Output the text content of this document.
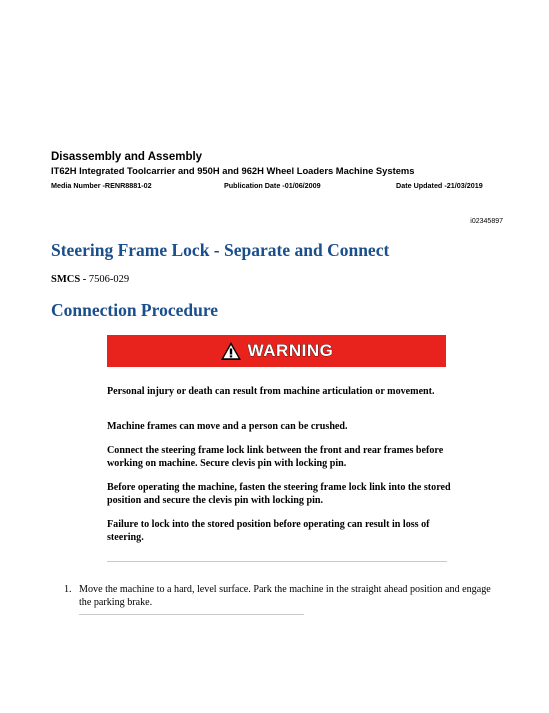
Disassembly and Assembly
IT62H Integrated Toolcarrier and 950H and 962H Wheel Loaders Machine Systems
Media Number -RENR8881-02	Publication Date -01/06/2009	Date Updated -21/03/2019
i02345897
Steering Frame Lock - Separate and Connect
SMCS - 7506-029
Connection Procedure
WARNING
Personal injury or death can result from machine articulation or movement.
Machine frames can move and a person can be crushed.
Connect the steering frame lock link between the front and rear frames before working on machine. Secure clevis pin with locking pin.
Before operating the machine, fasten the steering frame lock link into the stored position and secure the clevis pin with locking pin.
Failure to lock into the stored position before operating can result in loss of steering.
1. Move the machine to a hard, level surface. Park the machine in the straight ahead position and engage the parking brake.
